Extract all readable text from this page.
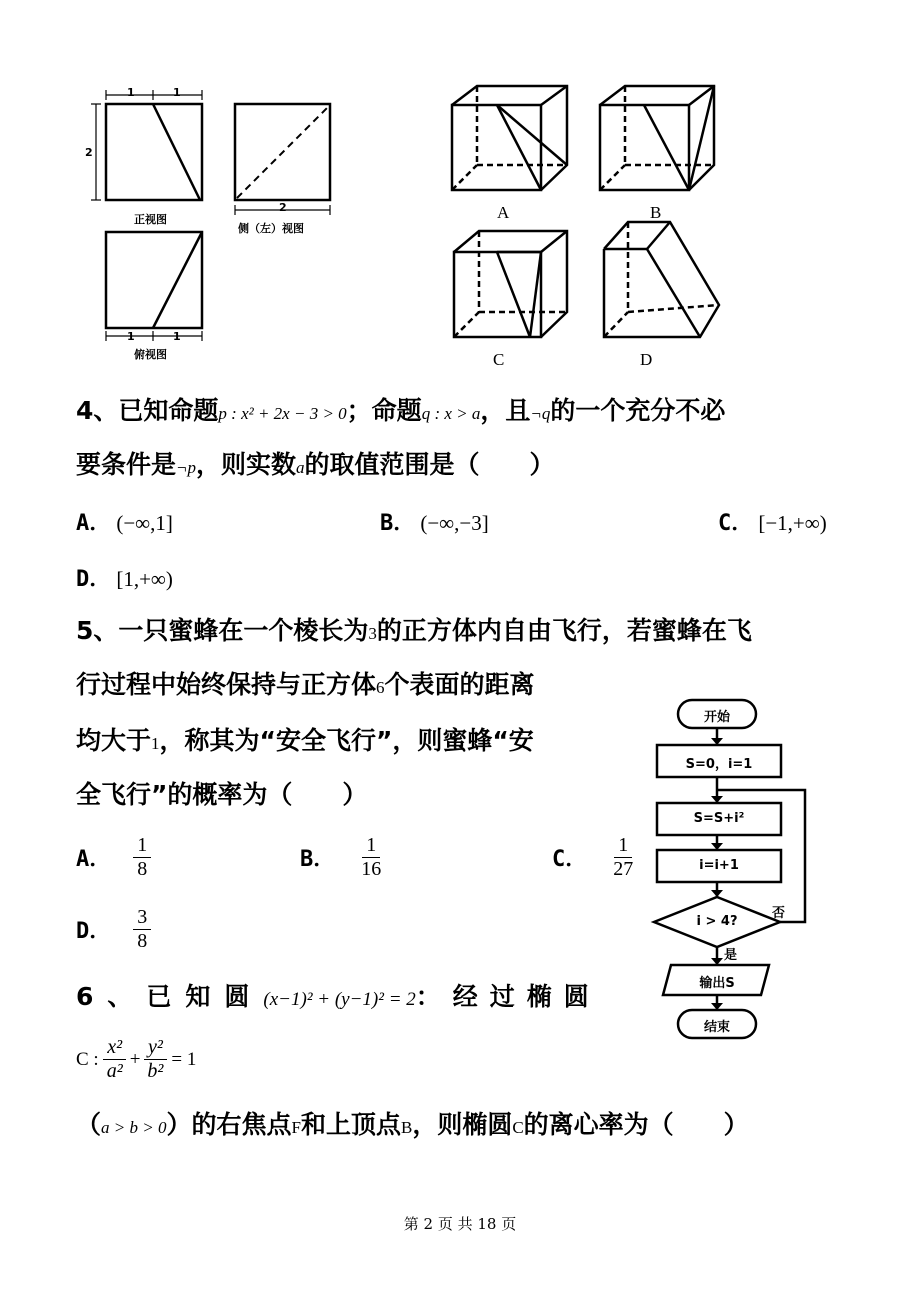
1	1
2
2
1	1
正视图
侧（左）视图
俯视图
A	B
C	D
4、已知命题p : x² + 2x − 3 > 0；命题q : x > a，且¬q的一个充分不必
要条件是¬p，则实数a的取值范围是（　　）
A． (−∞,1]	B． (−∞,−3]	C． [−1,+∞)
D． [1,+∞)
5、一只蜜蜂在一个棱长为3的正方体内自由飞行，若蜜蜂在飞
行过程中始终保持与正方体6个表面的距离
均大于1，称其为“安全飞行”，则蜜蜂“安
全飞行”的概率为（　　）
A． $\frac{1}{8}$	B． $\frac{1}{16}$	C． $\frac{1}{27}$
D． $\frac{3}{8}$
开始
S=0，i=1
S=S+i²
i=i+1
i > 4?
否
是
输出S
结束
6、已知圆(x−1)² + (y−1)² = 2：经过椭圆
C : $\frac{\text{x²}}{\text{a²}} + \frac{\text{y²}}{\text{b²}} = 1$
（a > b > 0）的右焦点F和上顶点B，则椭圆C的离心率为（　　）
第 2 页 共 18 页
